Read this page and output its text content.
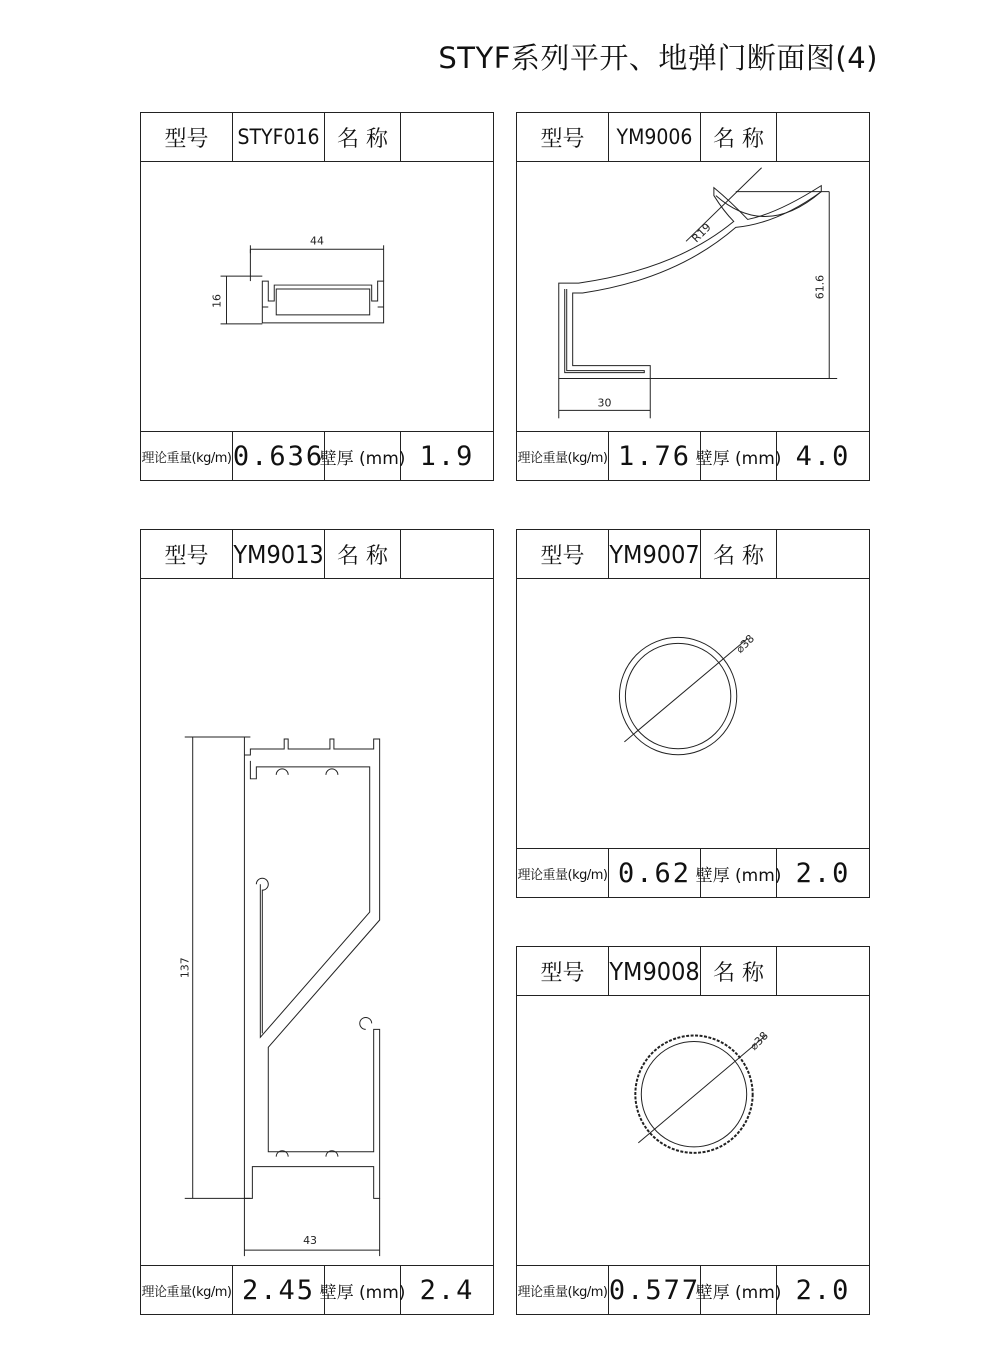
STYF系列平开、地弹门断面图(4)
型号	STYF016 名 称
44
16
理论重量(kg/m) 0.636
壁厚 (mm) 1.9
型号	YM9006 名 称
R19
61.6
30
理论重量(kg/m) 1.76 壁厚 (mm) 4.0
型号 YM9013 名 称
137
43
理论重量(kg/m) 2.45 壁厚 (mm) 2.4
型号 YM9007 名 称
⌀38
理论重量(kg/m) 0.62 壁厚 (mm) 2.0
型号 YM9008 名 称
⌀38
理论重量(kg/m) 0.577
壁厚 (mm) 2.0
